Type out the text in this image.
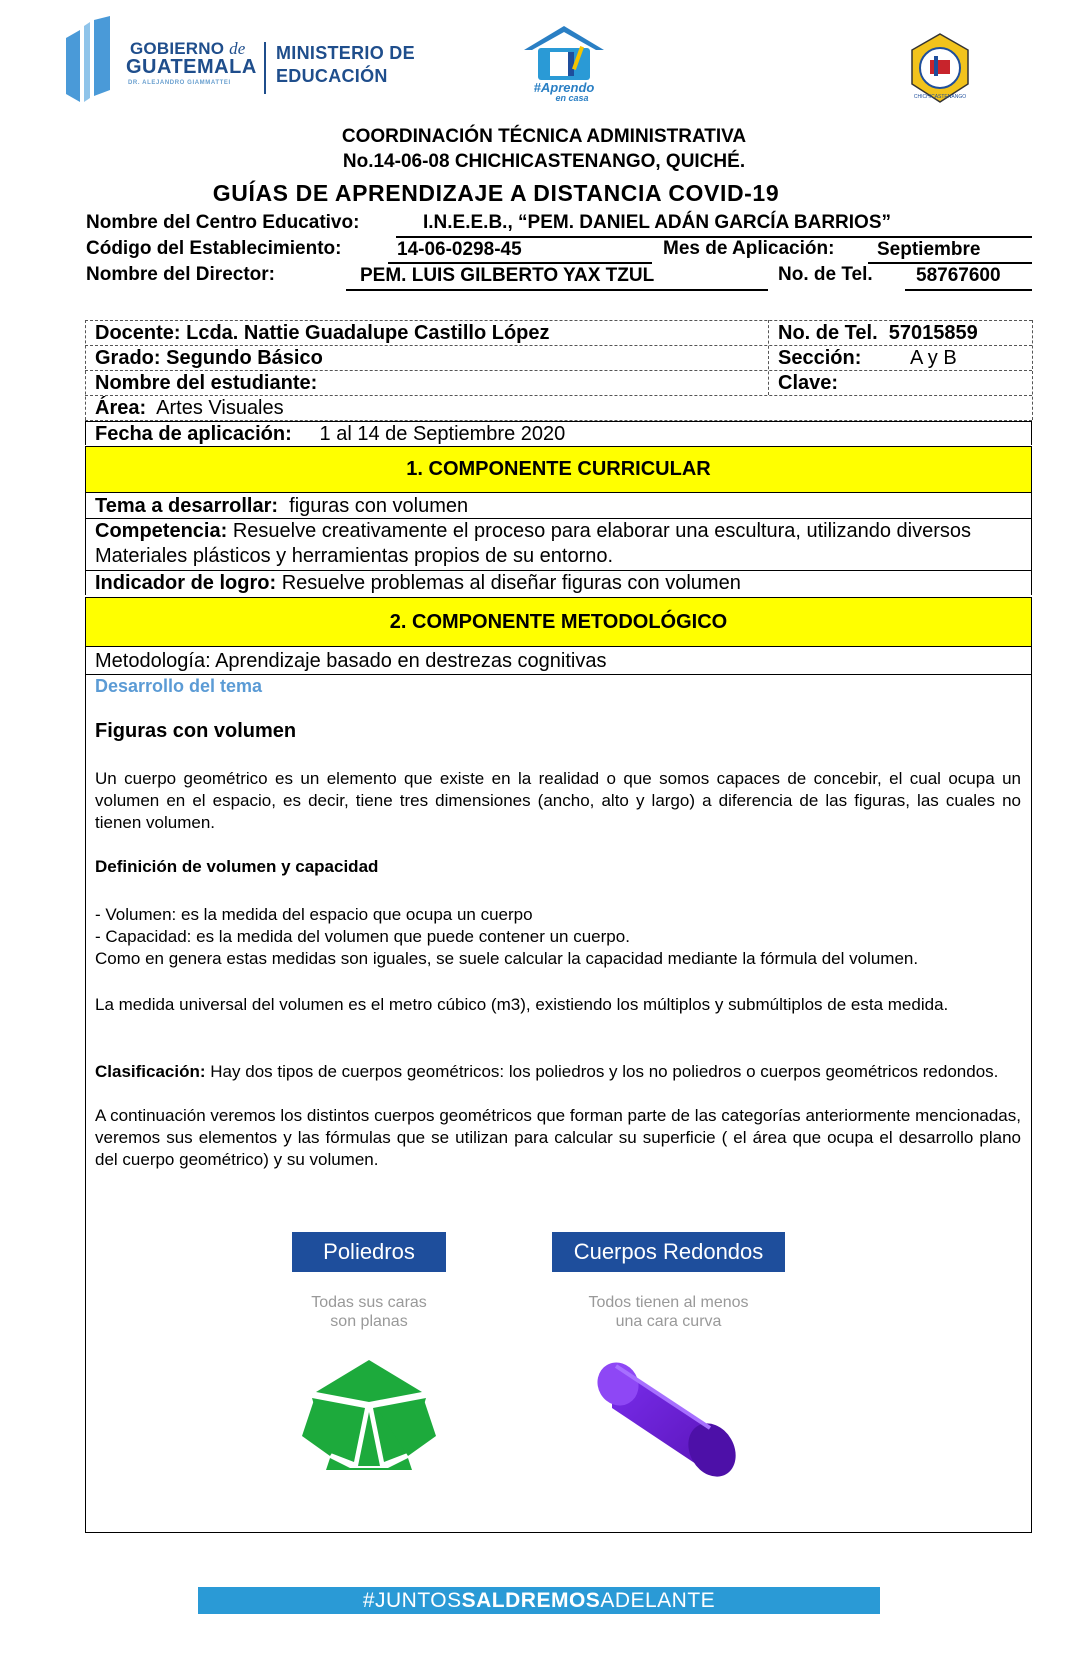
GOBIERNO de
GUATEMALA
DR. ALEJANDRO GIAMMATTEI
MINISTERIO DE
EDUCACIÓN
#Aprendo
en casa	CHICHICASTENANGO
COORDINACIÓN TÉCNICA ADMINISTRATIVA
No.14-06-08 CHICHICASTENANGO, QUICHÉ.
GUÍAS DE APRENDIZAJE A DISTANCIA COVID-19
Nombre del Centro Educativo:	I.N.E.E.B., “PEM. DANIEL ADÁN GARCÍA BARRIOS”
Código del Establecimiento:	14-06-0298-45	Mes de Aplicación: Septiembre
Nombre del Director:	PEM. LUIS GILBERTO YAX TZUL	No. de Tel. 58767600
Docente: Lcda. Nattie Guadalupe Castillo López	No. de Tel. 57015859
Grado: Segundo Básico	Sección: A y B
Nombre del estudiante:	Clave:
Área: Artes Visuales
Fecha de aplicación: 1 al 14 de Septiembre 2020
1. COMPONENTE CURRICULAR
Tema a desarrollar: figuras con volumen
Competencia: Resuelve creativamente el proceso para elaborar una escultura, utilizando diversos
Materiales plásticos y herramientas propios de su entorno.
Indicador de logro: Resuelve problemas al diseñar figuras con volumen
2. COMPONENTE METODOLÓGICO
Metodología: Aprendizaje basado en destrezas cognitivas
Desarrollo del tema
Figuras con volumen
Un cuerpo geométrico es un elemento que existe en la realidad o que somos capaces de concebir, el cual ocupa un volumen en el espacio, es decir, tiene tres dimensiones (ancho, alto y largo) a diferencia de las figuras, las cuales no tienen volumen.
Definición de volumen y capacidad
- Volumen: es la medida del espacio que ocupa un cuerpo
- Capacidad: es la medida del volumen que puede contener un cuerpo.
Como en genera estas medidas son iguales, se suele calcular la capacidad mediante la fórmula del volumen.
La medida universal del volumen es el metro cúbico (m3), existiendo los múltiplos y submúltiplos de esta medida.
Clasificación: Hay dos tipos de cuerpos geométricos: los poliedros y los no poliedros o cuerpos geométricos redondos.
A continuación veremos los distintos cuerpos geométricos que forman parte de las categorías anteriormente mencionadas, veremos sus elementos y las fórmulas que se utilizan para calcular su superficie ( el área que ocupa el desarrollo plano del cuerpo geométrico) y su volumen.
Poliedros
Todas sus caras
son planas
Cuerpos Redondos
Todos tienen al menos
una cara curva
#JUNTOSSALDREMOSADELANTE
